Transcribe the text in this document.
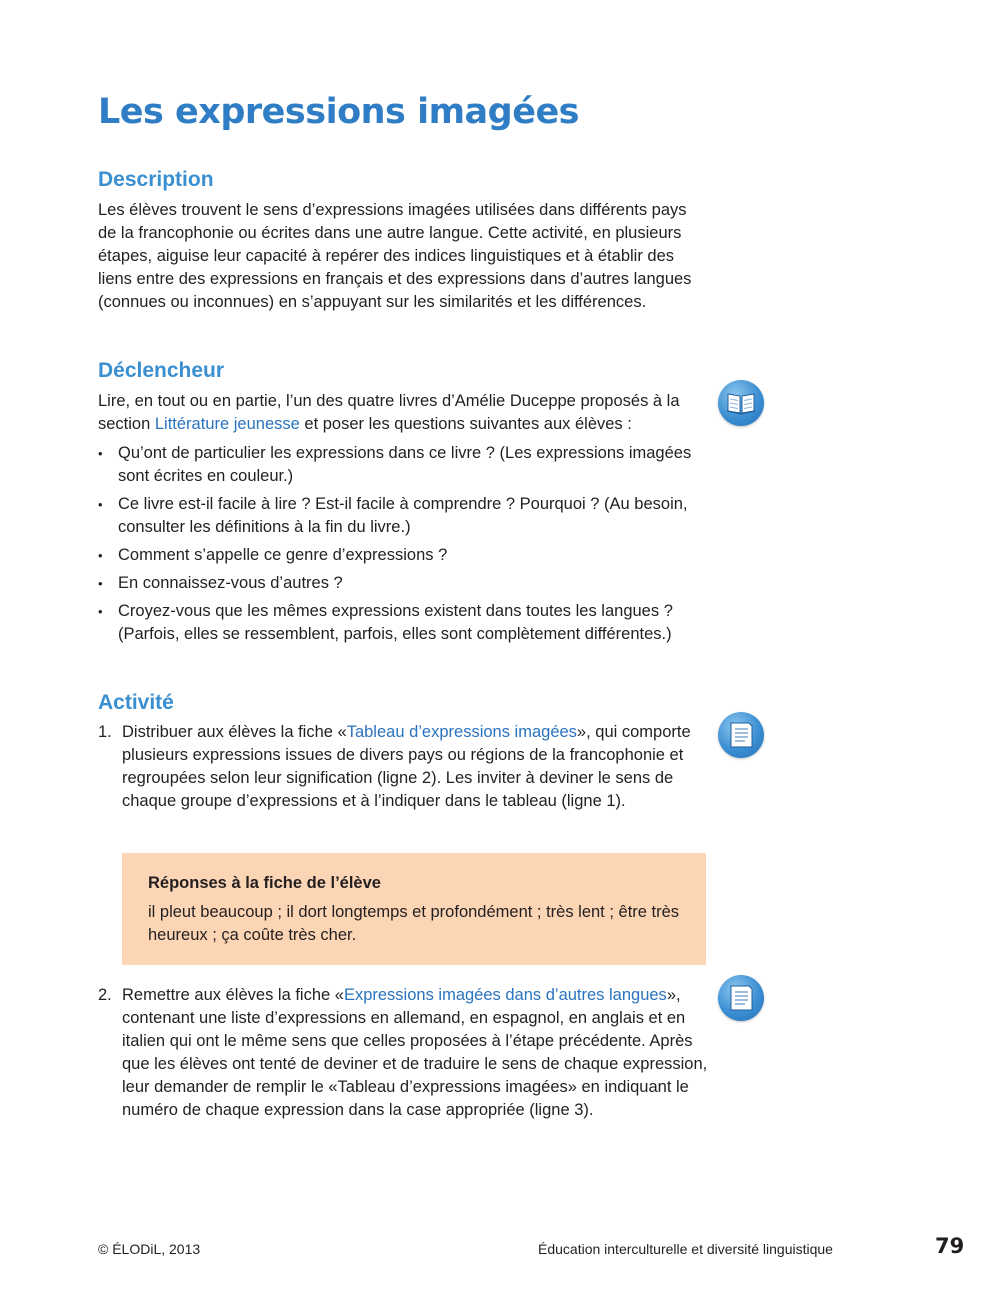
Les expressions imagées
Description

Les élèves trouvent le sens d’expressions imagées utilisées dans différents pays de la francophonie ou écrites dans une autre langue. Cette activité, en plusieurs étapes, aiguise leur capacité à repérer des indices linguistiques et à établir des liens entre des expressions en français et des expressions dans d’autres langues (connues ou inconnues) en s’appuyant sur les similarités et les différences.

Déclencheur

Lire, en tout ou en partie, l’un des quatre livres d’Amélie Duceppe proposés à la section Littérature jeunesse et poser les questions suivantes aux élèves :

• Qu’ont de particulier les expressions dans ce livre ? (Les expressions imagées sont écrites en couleur.)
• Ce livre est-il facile à lire ? Est-il facile à comprendre ? Pourquoi ? (Au besoin, consulter les définitions à la fin du livre.)
• Comment s’appelle ce genre d’expressions ?
• En connaissez-vous d’autres ?
• Croyez-vous que les mêmes expressions existent dans toutes les langues ? (Parfois, elles se ressemblent, parfois, elles sont complètement différentes.)
Activité
1. Distribuer aux élèves la fiche «Tableau d’expressions imagées», qui comporte plusieurs expressions issues de divers pays ou régions de la francophonie et regroupées selon leur signification (ligne 2). Les inviter à deviner le sens de chaque groupe d’expressions et à l’indiquer dans le tableau (ligne 1).

Réponses à la fiche de l’élève

il pleut beaucoup ; il dort longtemps et profondément ; très lent ; être très heureux ; ça coûte très cher.

2. Remettre aux élèves la fiche «Expressions imagées dans d’autres langues», contenant une liste d’expressions en allemand, en espagnol, en anglais et en italien qui ont le même sens que celles proposées à l’étape précédente. Après que les élèves ont tenté de deviner et de traduire le sens de chaque expression, leur demander de remplir le «Tableau d’expressions imagées» en indiquant le numéro de chaque expression dans la case appropriée (ligne 3).
© ÉLODiL, 2013	Éducation interculturelle et diversité linguistique	79
